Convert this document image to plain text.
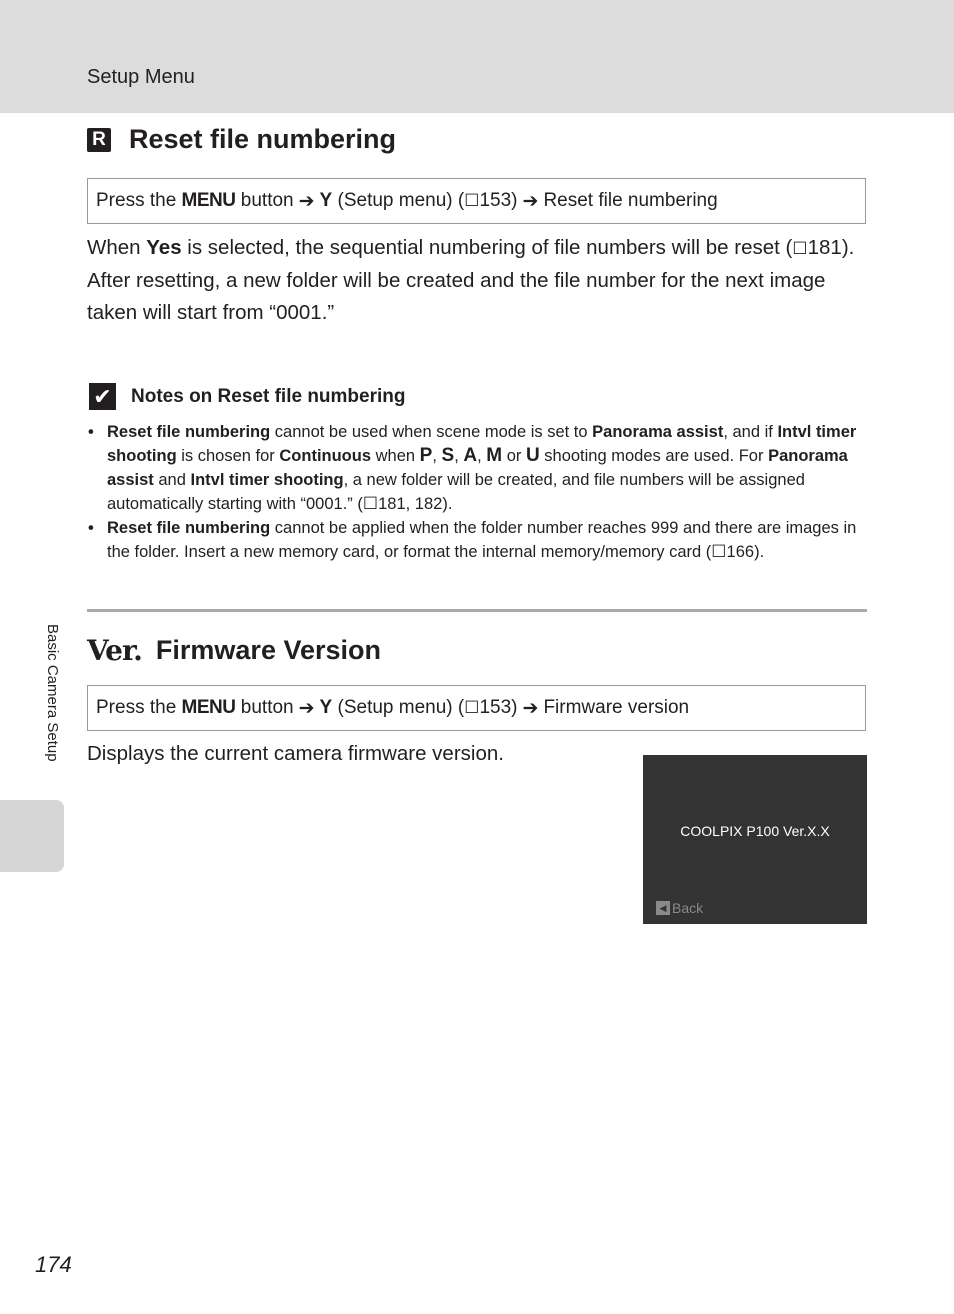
Setup Menu
Basic Camera Setup
R Reset file numbering
Press the
MENU
button ➔ Y
(Setup menu) ( ☐ 153) ➔ Reset file numbering
When Yes is selected, the sequential numbering of file numbers will be reset (☐181). After resetting, a new folder will be created and the file number for the next image taken will start from “0001.”
✔ Notes on Reset file numbering
• Reset file numbering cannot be used when scene mode is set to Panorama assist, and if Intvl timer shooting is chosen for Continuous when P, S, A, M or U shooting modes are used. For Panorama assist and Intvl timer shooting, a new folder will be created, and file numbers will be assigned automatically starting with “0001.” (☐181, 182).
• Reset file numbering cannot be applied when the folder number reaches 999 and there are images in the folder. Insert a new memory card, or format the internal memory/memory card (☐166).
Ver. Firmware Version
Press the
MENU
button ➔ Y
(Setup menu) ( ☐ 153) ➔ Firmware version
Displays the current camera firmware version.
COOLPIX P100 Ver.X.X
◀ Back
174
